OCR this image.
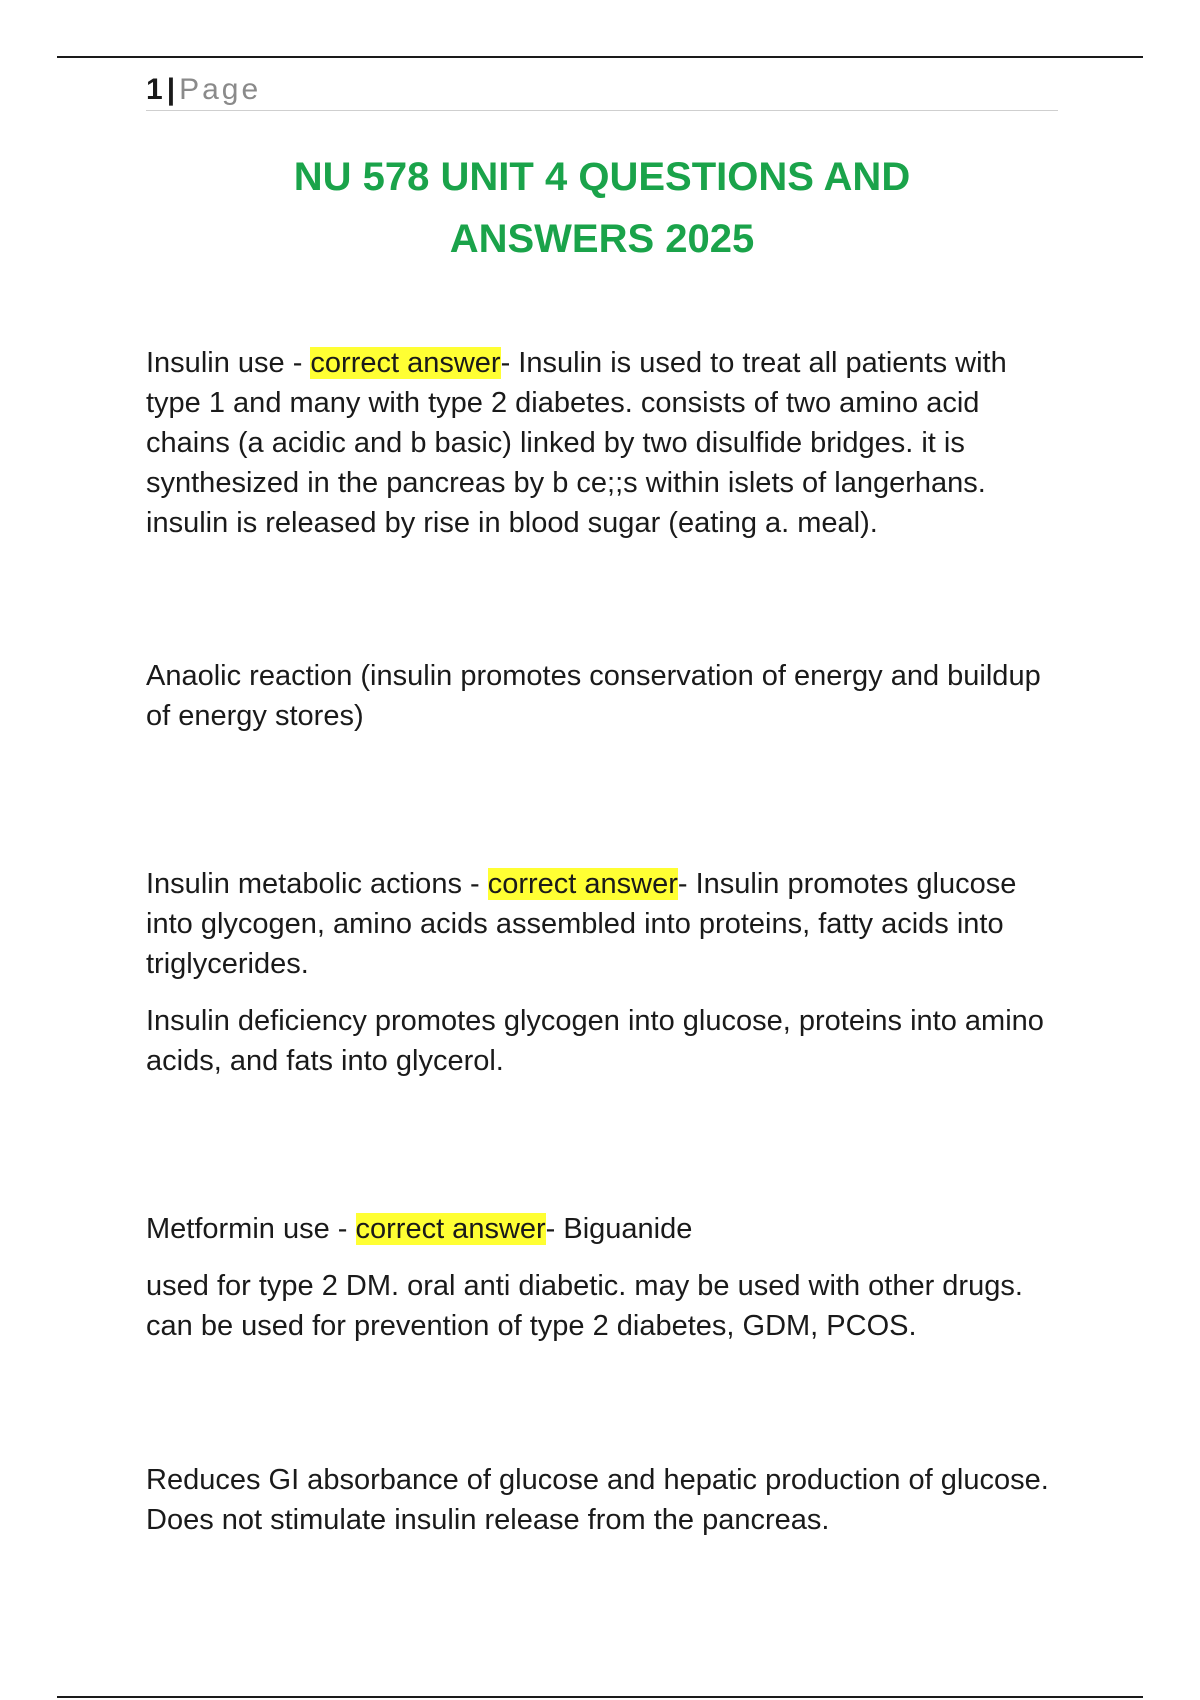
1 | Page
NU 578 UNIT 4 QUESTIONS AND
ANSWERS 2025

Insulin use - correct answer- Insulin is used to treat all patients with type 1 and many with type 2 diabetes. consists of two amino acid chains (a acidic and b basic) linked by two disulfide bridges. it is synthesized in the pancreas by b ce;;s within islets of langerhans. insulin is released by rise in blood sugar (eating a. meal).

Anaolic reaction (insulin promotes conservation of energy and buildup of energy stores)

Insulin metabolic actions - correct answer- Insulin promotes glucose into glycogen, amino acids assembled into proteins, fatty acids into triglycerides.

Insulin deficiency promotes glycogen into glucose, proteins into amino acids, and fats into glycerol.

Metformin use - correct answer- Biguanide

used for type 2 DM. oral anti diabetic. may be used with other drugs. can be used for prevention of type 2 diabetes, GDM, PCOS.

Reduces GI absorbance of glucose and hepatic production of glucose. Does not stimulate insulin release from the pancreas.
